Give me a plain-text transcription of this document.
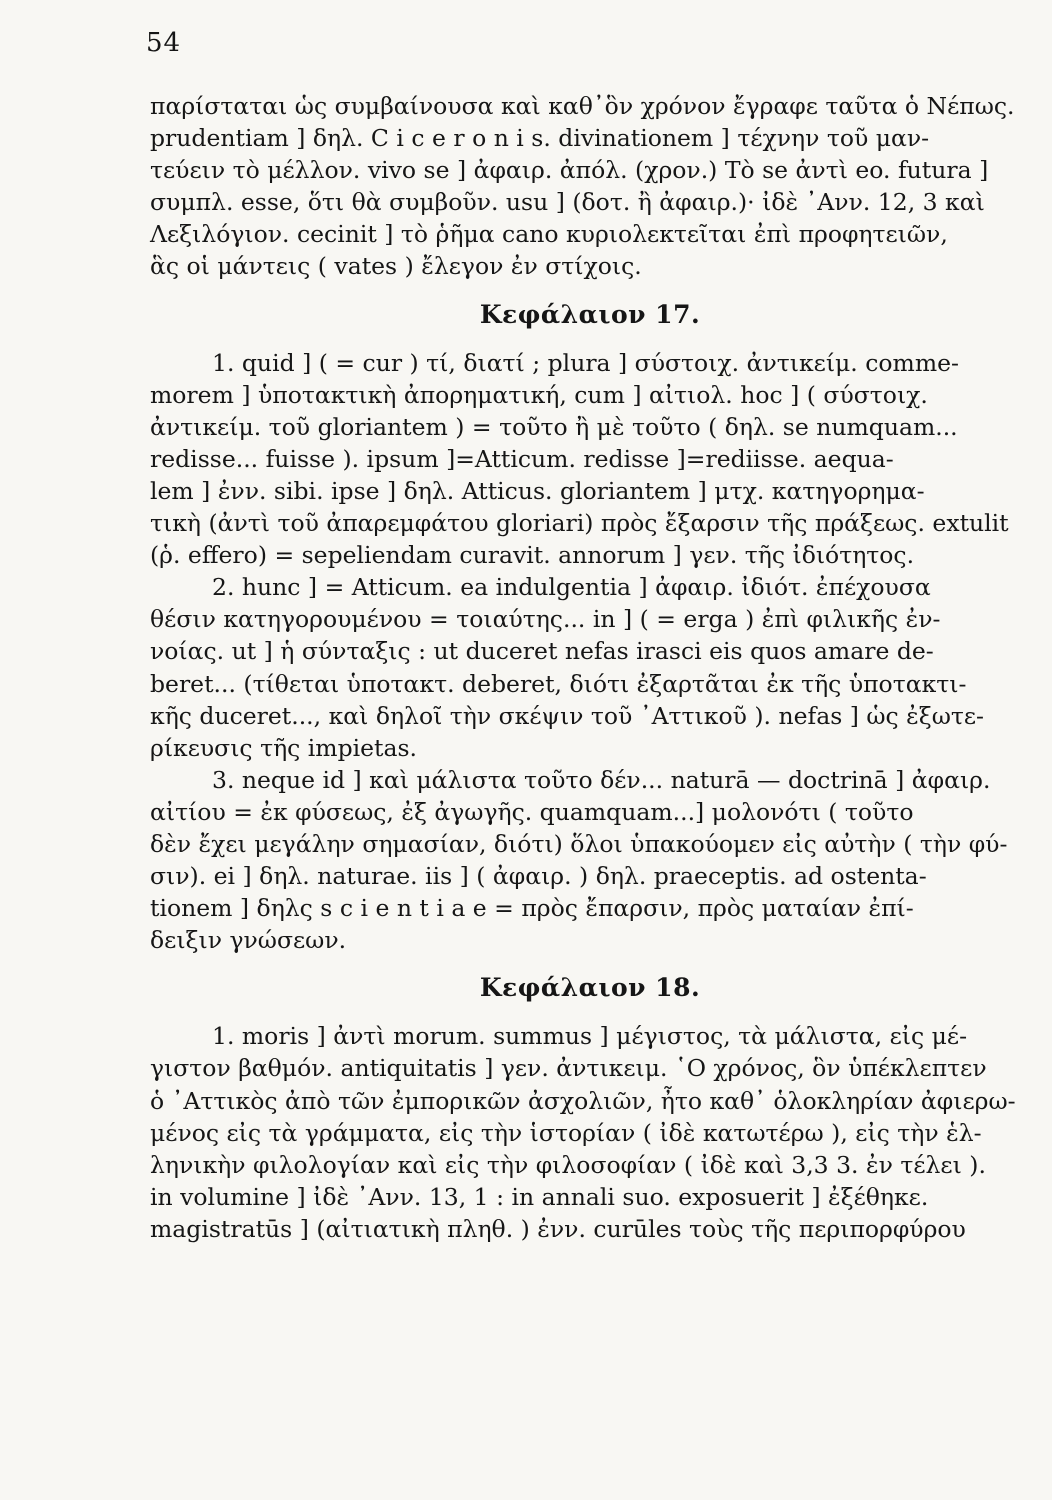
54
παρίσταται ὡς συμβαίνουσα καὶ καθ᾽ὃν χρόνον ἔγραφε ταῦτα ὁ Νέπως.
prudentiam ] δηλ. C i c e r o n i s. divinationem ] τέχνην τοῦ μαν-
τεύειν τὸ μέλλον. vivo se ] ἀφαιρ. ἀπόλ. (χρον.) Τὸ se ἀντὶ eo. futura ]
συμπλ. esse, ὅτι θὰ συμβοῦν. usu ] (δοτ. ἢ ἀφαιρ.)· ἰδὲ ᾽Ανν. 12, 3 καὶ
Λεξιλόγιον. cecinit ] τὸ ῥῆμα cano κυριολεκτεῖται ἐπὶ προφητειῶν,
ἃς οἱ μάντεις ( vates ) ἔλεγον ἐν στίχοις.
Κεφάλαιον 17.
1. quid ] ( = cur ) τί, διατί ; plura ] σύστοιχ. ἀντικείμ. comme-
morem ] ὑποτακτικὴ ἀπορηματική, cum ] αἰτιολ. hoc ] ( σύστοιχ.
ἀντικείμ. τοῦ gloriantem ) = τοῦτο ἢ μὲ τοῦτο ( δηλ. se numquam...
redisse... fuisse ). ipsum ]=Atticum. redisse ]=rediisse. aequa-
lem ] ἐνν. sibi. ipse ] δηλ. Atticus. gloriantem ] μτχ. κατηγορημα-
τικὴ (ἀντὶ τοῦ ἀπαρεμφάτου gloriari) πρὸς ἔξαρσιν τῆς πράξεως. extulit
(ῥ. effero) = sepeliendam curavit. annorum ] γεν. τῆς ἰδιότητος.
2. hunc ] = Atticum. ea indulgentia ] ἀφαιρ. ἰδιότ. ἐπέχουσα
θέσιν κατηγορουμένου = τοιαύτης... in ] ( = erga ) ἐπὶ φιλικῆς ἐν-
νοίας. ut ] ἡ σύνταξις : ut duceret nefas irasci eis quos amare de-
beret... (τίθεται ὑποτακτ. deberet, διότι ἐξαρτᾶται ἐκ τῆς ὑποτακτι-
κῆς duceret..., καὶ δηλοῖ τὴν σκέψιν τοῦ ᾽Αττικοῦ ). nefas ] ὡς ἐξωτε-
ρίκευσις τῆς impietas.
3. neque id ] καὶ μάλιστα τοῦτο δέν... naturā — doctrinā ] ἀφαιρ.
αἰτίου = ἐκ φύσεως, ἐξ ἀγωγῆς. quamquam...] μολονότι ( τοῦτο
δὲν ἔχει μεγάλην σημασίαν, διότι) ὅλοι ὑπακούομεν εἰς αὐτὴν ( τὴν φύ-
σιν). ei ] δηλ. naturae. iis ] ( ἀφαιρ. ) δηλ. praeceptis. ad ostenta-
tionem ] δηλς s c i e n t i a e = πρὸς ἔπαρσιν, πρὸς ματαίαν ἐπί-
δειξιν γνώσεων.
Κεφάλαιον 18.
1. moris ] ἀντὶ morum. summus ] μέγιστος, τὰ μάλιστα, εἰς μέ-
γιστον βαθμόν. antiquitatis ] γεν. ἀντικειμ. ῾Ο χρόνος, ὃν ὑπέκλεπτεν
ὁ ᾽Αττικὸς ἀπὸ τῶν ἐμπορικῶν ἀσχολιῶν, ἦτο καθ᾽ ὁλοκληρίαν ἀφιερω-
μένος εἰς τὰ γράμματα, εἰς τὴν ἱστορίαν ( ἰδὲ κατωτέρω ), εἰς τὴν ἑλ-
ληνικὴν φιλολογίαν καὶ εἰς τὴν φιλοσοφίαν ( ἰδὲ καὶ 3,3 3. ἐν τέλει ).
in volumine ] ἰδὲ ᾽Ανν. 13, 1 : in annali suo. exposuerit ] ἐξέθηκε.
magistratūs ] (αἰτιατικὴ πληθ. ) ἐνν. curūles τοὺς τῆς περιπορφύρου
